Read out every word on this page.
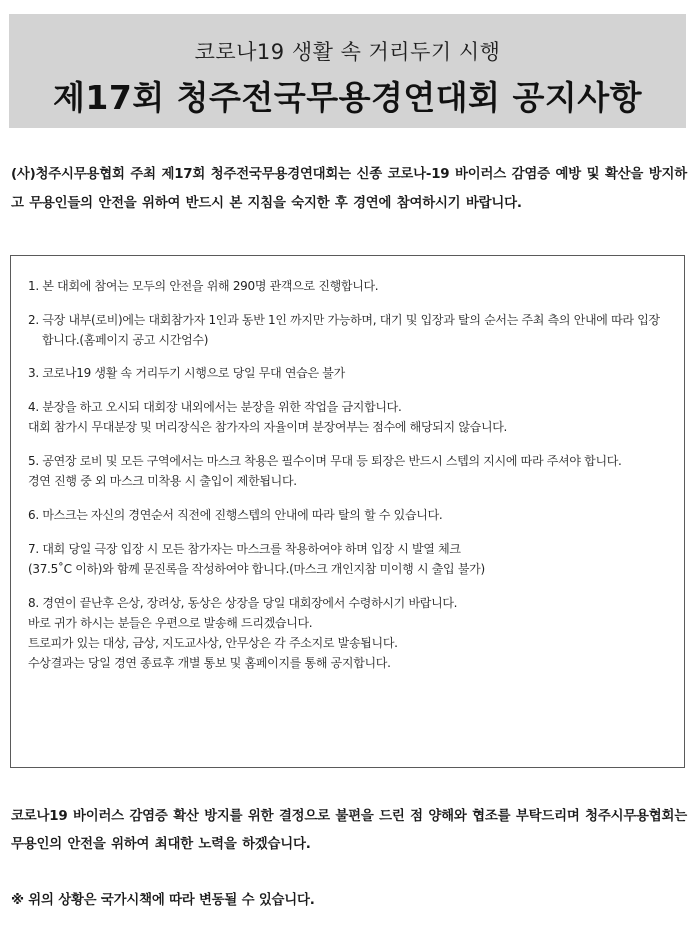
코로나19 생활 속 거리두기 시행
제17회 청주전국무용경연대회 공지사항
(사)청주시무용협회 주최 제17회 청주전국무용경연대회는 신종 코로나-19 바이러스 감염증 예방 및 확산을 방지하고 무용인들의 안전을 위하여 반드시 본 지침을 숙지한 후 경연에 참여하시기 바랍니다.
1. 본 대회에 참여는 모두의 안전을 위해 290명 관객으로 진행합니다.
2. 극장 내부(로비)에는 대회참가자 1인과 동반 1인 까지만 가능하며, 대기 및 입장과 탈의 순서는 주최 측의 안내에 따라 입장합니다.(홈페이지 공고 시간엄수)
3. 코로나19 생활 속 거리두기 시행으로 당일 무대 연습은 불가
4. 분장을 하고 오시되 대회장 내외에서는 분장을 위한 작업을 금지합니다.
대회 참가시 무대분장 및 머리장식은 참가자의 자율이며 분장여부는 점수에 해당되지 않습니다.
5. 공연장 로비 및 모든 구역에서는 마스크 착용은 필수이며 무대 등 퇴장은 반드시 스텝의 지시에 따라 주셔야 합니다.
경연 진행 중 외 마스크 미착용 시 출입이 제한됩니다.
6. 마스크는 자신의 경연순서 직전에 진행스텝의 안내에 따라 탈의 할 수 있습니다.
7. 대회 당일 극장 입장 시 모든 참가자는 마스크를 착용하여야 하며 입장 시 발열 체크
(37.5˚C 이하)와 함께 문진록을 작성하여야 합니다.(마스크 개인지참 미이행 시 출입 불가)
8. 경연이 끝난후 은상, 장려상, 동상은 상장을 당일 대회장에서 수령하시기 바랍니다.
바로 귀가 하시는 분들은 우편으로 발송해 드리겠습니다.
트로피가 있는 대상, 금상, 지도교사상, 안무상은 각 주소지로 발송됩니다.
수상결과는 당일 경연 종료후 개별 통보 및 홈페이지를 통해 공지합니다.
코로나19 바이러스 감염증 확산 방지를 위한 결정으로 불편을 드린 점 양해와 협조를 부탁드리며 청주시무용협회는 무용인의 안전을 위하여 최대한 노력을 하겠습니다.
※ 위의 상황은 국가시책에 따라 변동될 수 있습니다.
